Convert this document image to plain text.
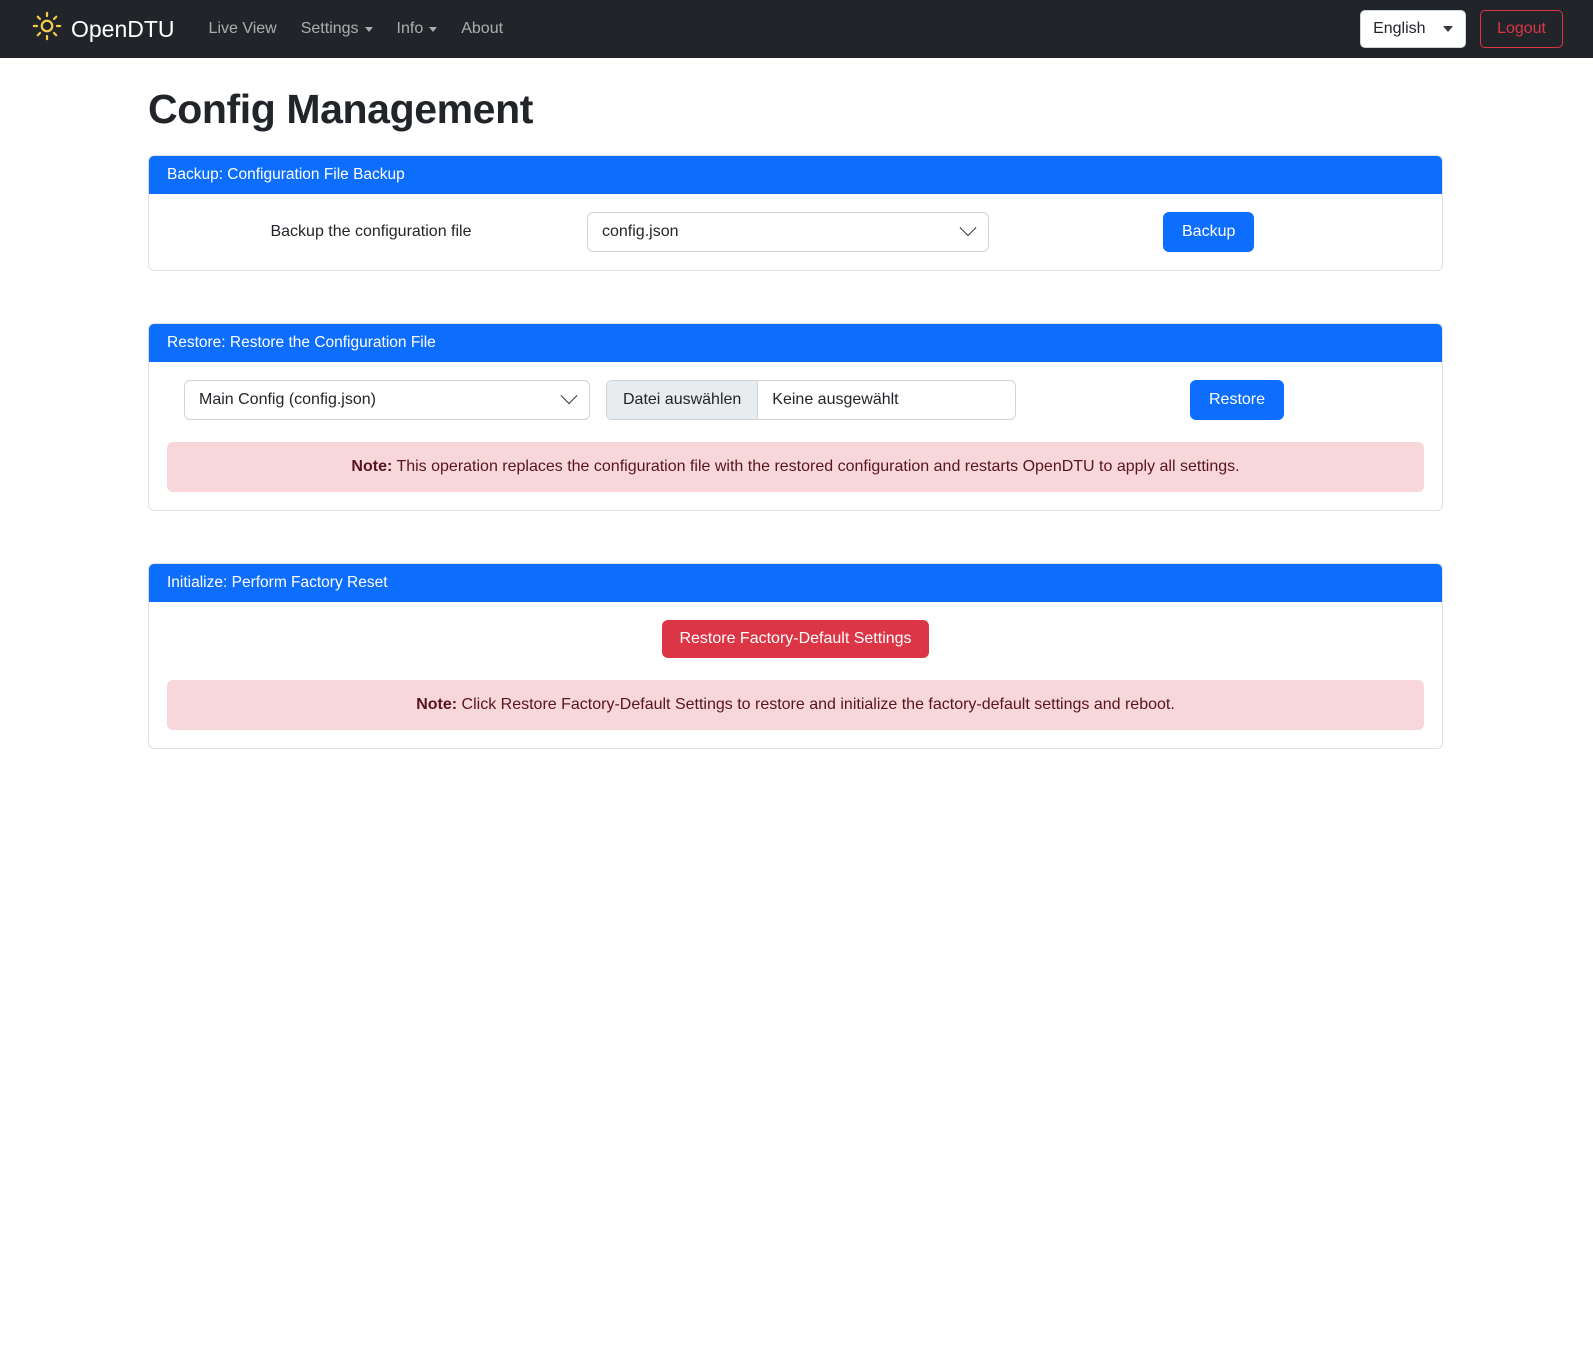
OpenDTU Live View Settings Info About	English	Logout
Config Management
Backup: Configuration File Backup
Backup the configuration file	config.json	Backup
Restore: Restore the Configuration File
Main Config (config.json)	Datei auswählen	Keine ausgewählt	Restore
Note: This operation replaces the configuration file with the restored configuration and restarts OpenDTU to apply all settings.
Initialize: Perform Factory Reset
Restore Factory-Default Settings
Note: Click Restore Factory-Default Settings to restore and initialize the factory-default settings and reboot.
